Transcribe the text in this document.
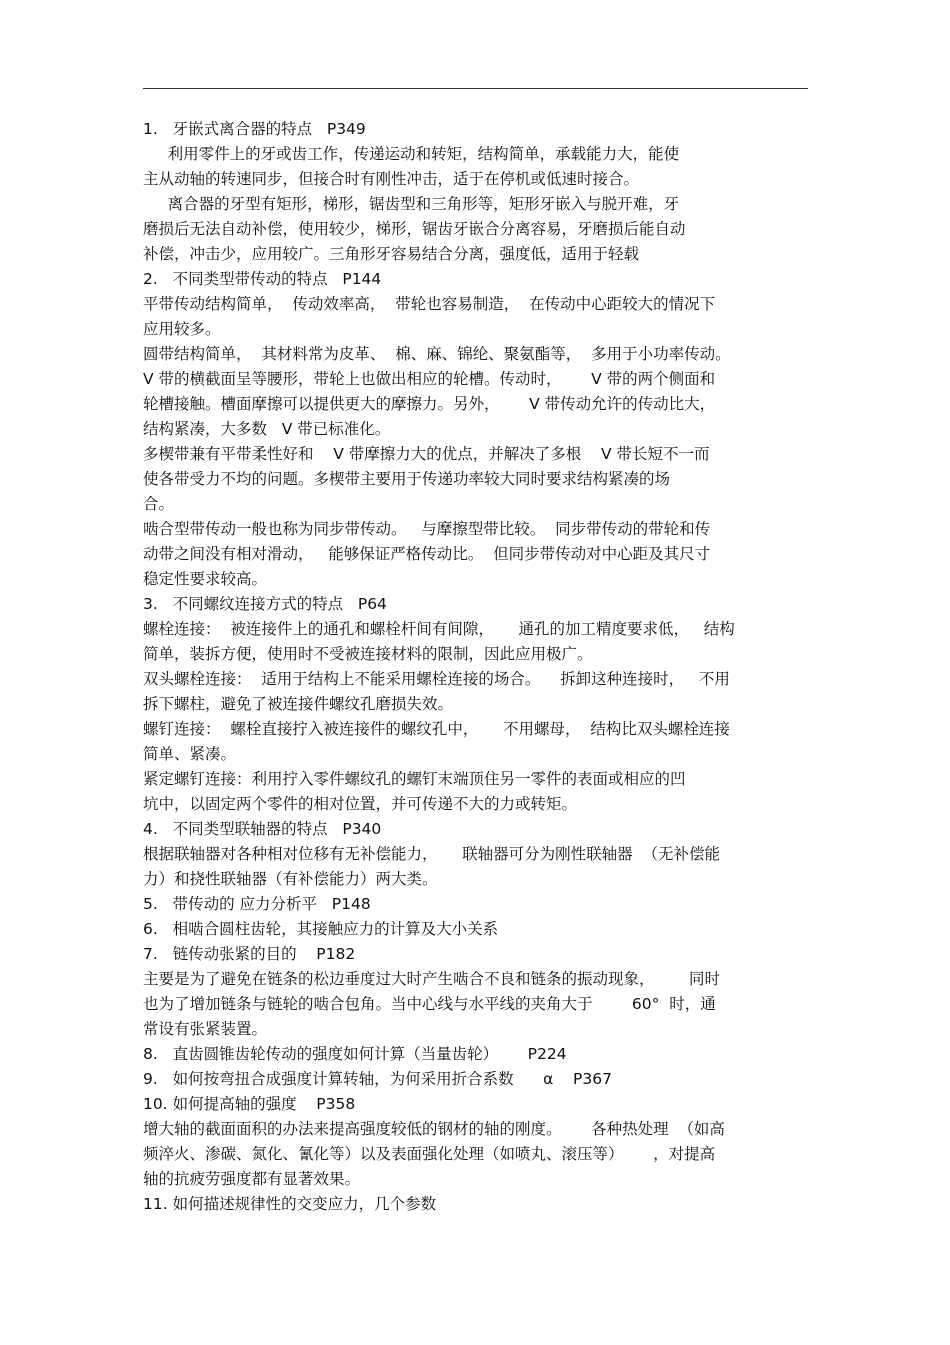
1.   牙嵌式离合器的特点   P349
利用零件上的牙或齿工作，传递运动和转矩，结构简单，承载能力大，能使
主从动轴的转速同步，但接合时有刚性冲击，适于在停机或低速时接合。
离合器的牙型有矩形，梯形，锯齿型和三角形等，矩形牙嵌入与脱开难，牙
磨损后无法自动补偿，使用较少，梯形，锯齿牙嵌合分离容易，牙磨损后能自动
补偿，冲击少，应用较广。三角形牙容易结合分离，强度低，适用于轻载
2.   不同类型带传动的特点   P144
平带传动结构简单，  传动效率高，  带轮也容易制造，  在传动中心距较大的情况下
应用较多。
圆带结构简单，  其材料常为皮革、  棉、麻、锦纶、聚氨酯等，  多用于小功率传动。
V 带的横截面呈等腰形，带轮上也做出相应的轮槽。传动时，      V 带的两个侧面和
轮槽接触。槽面摩擦可以提供更大的摩擦力。另外，      V 带传动允许的传动比大，
结构紧凑，大多数   V 带已标准化。
多楔带兼有平带柔性好和    V 带摩擦力大的优点，并解决了多根    V 带长短不一而
使各带受力不均的问题。多楔带主要用于传递功率较大同时要求结构紧凑的场
合。
啮合型带传动一般也称为同步带传动。   与摩擦型带比较。  同步带传动的带轮和传
动带之间没有相对滑动，   能够保证严格传动比。  但同步带传动对中心距及其尺寸
稳定性要求较高。
3.   不同螺纹连接方式的特点   P64
螺栓连接：  被连接件上的通孔和螺栓杆间有间隙，     通孔的加工精度要求低，   结构
简单，装拆方便，使用时不受被连接材料的限制，因此应用极广。
双头螺栓连接：  适用于结构上不能采用螺栓连接的场合。    拆卸这种连接时，   不用
拆下螺柱，避免了被连接件螺纹孔磨损失效。
螺钉连接：  螺栓直接拧入被连接件的螺纹孔中，     不用螺母，  结构比双头螺栓连接
简单、紧凑。
紧定螺钉连接：利用拧入零件螺纹孔的螺钉末端顶住另一零件的表面或相应的凹
坑中，以固定两个零件的相对位置，并可传递不大的力或转矩。
4.   不同类型联轴器的特点   P340
根据联轴器对各种相对位移有无补偿能力，     联轴器可分为刚性联轴器  （无补偿能
力）和挠性联轴器（有补偿能力）两大类。
5.   带传动的 应力分析平   P148
6.   相啮合圆柱齿轮，其接触应力的计算及大小关系
7.   链传动张紧的目的    P182
主要是为了避免在链条的松边垂度过大时产生啮合不良和链条的振动现象，       同时
也为了增加链条与链轮的啮合包角。当中心线与水平线的夹角大于        60°  时，通
常设有张紧装置。
8.   直齿圆锥齿轮传动的强度如何计算（当量齿轮）      P224
9.   如何按弯扭合成强度计算转轴，为何采用折合系数      α    P367
10. 如何提高轴的强度    P358
增大轴的截面面积的办法来提高强度较低的钢材的轴的刚度。      各种热处理  （如高
频淬火、渗碳、氮化、氰化等）以及表面强化处理（如喷丸、滚压等）      ，对提高
轴的抗疲劳强度都有显著效果。
11. 如何描述规律性的交变应力，几个参数
